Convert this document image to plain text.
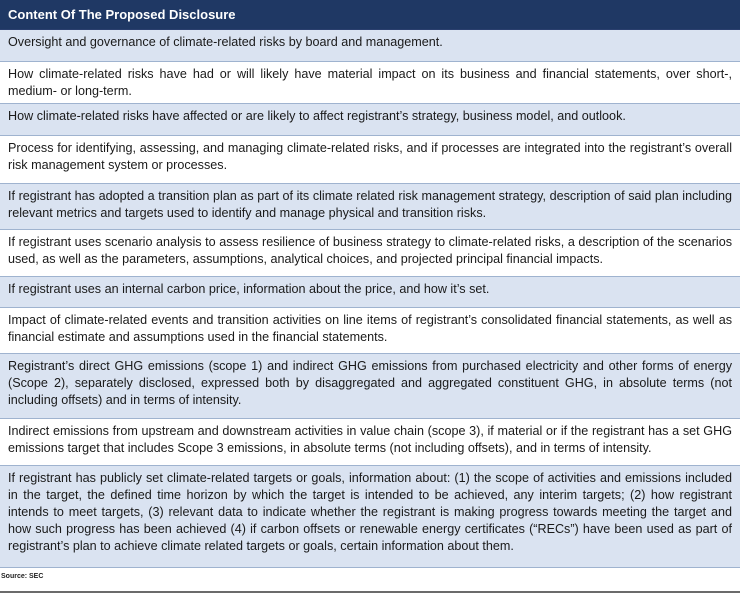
Content Of The Proposed Disclosure
Oversight and governance of climate-related risks by board and management.
How climate-related risks have had or will likely have material impact on its business and financial statements, over short-, medium- or long-term.
How climate-related risks have affected or are likely to affect registrant’s strategy, business model, and outlook.
Process for identifying, assessing, and managing climate-related risks, and if processes are integrated into the registrant’s overall risk management system or processes.
If registrant has adopted a transition plan as part of its climate related risk management strategy, description of said plan including relevant metrics and targets used to identify and manage physical and transition risks.
If registrant uses scenario analysis to assess resilience of business strategy to climate-related risks, a description of the scenarios used, as well as the parameters, assumptions, analytical choices, and projected principal financial impacts.
If registrant uses an internal carbon price, information about the price, and how it’s set.
Impact of climate-related events and transition activities on line items of registrant’s consolidated financial statements, as well as financial estimate and assumptions used in the financial statements.
Registrant’s direct GHG emissions (scope 1) and indirect GHG emissions from purchased electricity and other forms of energy (Scope 2), separately disclosed, expressed both by disaggregated and aggregated constituent GHG, in absolute terms (not including offsets) and in terms of intensity.
Indirect emissions from upstream and downstream activities in value chain (scope 3), if material or if the registrant has a set GHG emissions target that includes Scope 3 emissions, in absolute terms (not including offsets), and in terms of intensity.
If registrant has publicly set climate-related targets or goals, information about: (1) the scope of activities and emissions included in the target, the defined time horizon by which the target is intended to be achieved, any interim targets; (2) how registrant intends to meet targets, (3) relevant data to indicate whether the registrant is making progress towards meeting the target and how such progress has been achieved (4) if carbon offsets or renewable energy certificates (“RECs”) have been used as part of registrant’s plan to achieve climate related targets or goals, certain information about them.
Source: SEC
